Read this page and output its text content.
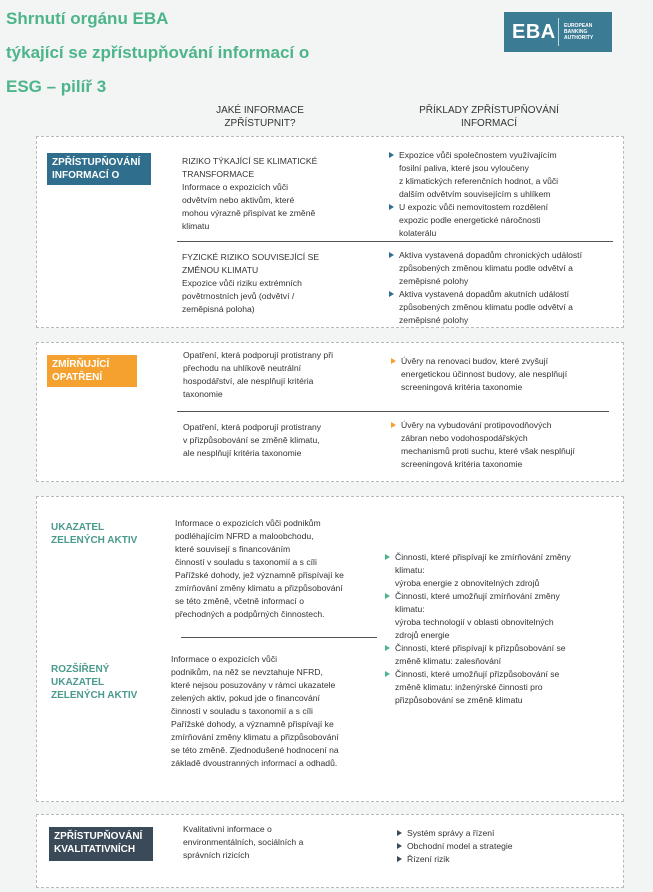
Shrnutí orgánu EBA
týkající se zpřístupňování informací o
ESG – pilíř 3
EBA	EUROPEAN
BANKING
AUTHORITY
JAKÉ INFORMACE
ZPŘÍSTUPNIT?
PŘÍKLADY ZPŘÍSTUPŇOVÁNÍ
INFORMACÍ
ZPŘÍSTUPŇOVÁNÍ
INFORMACÍ O
RIZIKO TÝKAJÍCÍ SE KLIMATICKÉ
TRANSFORMACE
Informace o expozicích vůči
odvětvím nebo aktivům, které
mohou výrazně přispívat ke změně
klimatu
Expozice vůči společnostem využívajícím
fosilní paliva, které jsou vyloučeny
z klimatických referenčních hodnot, a vůči
dalším odvětvím souvisejícím s uhlíkem
U expozic vůči nemovitostem rozdělení
expozic podle energetické náročnosti
kolaterálu
FYZICKÉ RIZIKO SOUVISEJÍCÍ SE
ZMĚNOU KLIMATU
Expozice vůči riziku extrémních
povětrnostních jevů (odvětví /
zeměpisná poloha)
Aktiva vystavená dopadům chronických událostí
způsobených změnou klimatu podle odvětví a
zeměpisné polohy
Aktiva vystavená dopadům akutních událostí
způsobených změnou klimatu podle odvětví a
zeměpisné polohy
ZMÍRŇUJÍCÍ
OPATŘENÍ
Opatření, která podporují protistrany při
přechodu na uhlíkově neutrální
hospodářství, ale nesplňují kritéria
taxonomie
Úvěry na renovaci budov, které zvyšují
energetickou účinnost budovy, ale nesplňují
screeningová kritéria taxonomie
Opatření, která podporují protistrany
v přizpůsobování se změně klimatu,
ale nesplňují kritéria taxonomie
Úvěry na vybudování protipovodňových
zábran nebo vodohospodářských
mechanismů proti suchu, které však nesplňují
screeningová kritéria taxonomie
UKAZATEL
ZELENÝCH AKTIV
Informace o expozicích vůči podnikům
podléhajícím NFRD a maloobchodu,
které souvisejí s financováním
činností v souladu s taxonomií a s cíli
Pařížské dohody, jež významně přispívají ke
zmírňování změny klimatu a přizpůsobování
se této změně, včetně informací o
přechodných a podpůrných činnostech.
ROZŠÍŘENÝ
UKAZATEL
ZELENÝCH AKTIV
Informace o expozicích vůči
podnikům, na něž se nevztahuje NFRD,
které nejsou posuzovány v rámci ukazatele
zelených aktiv, pokud jde o financování
činností v souladu s taxonomií a s cíli
Pařížské dohody, a významně přispívají ke
zmírňování změny klimatu a přizpůsobování
se této změně. Zjednodušené hodnocení na
základě dvoustranných informací a odhadů.
Činnosti, které přispívají ke zmírňování změny
klimatu:
výroba energie z obnovitelných zdrojů
Činnosti, které umožňují zmírňování změny
klimatu:
výroba technologií v oblasti obnovitelných
zdrojů energie
Činnosti, které přispívají k přizpůsobování se
změně klimatu: zalesňování
Činnosti, které umožňují přizpůsobování se
změně klimatu: inženýrské činnosti pro
přizpůsobování se změně klimatu
ZPŘÍSTUPŇOVÁNÍ
KVALITATIVNÍCH
Kvalitativní informace o
environmentálních, sociálních a
správních rizicích
Systém správy a řízení
Obchodní model a strategie
Řízení rizik
